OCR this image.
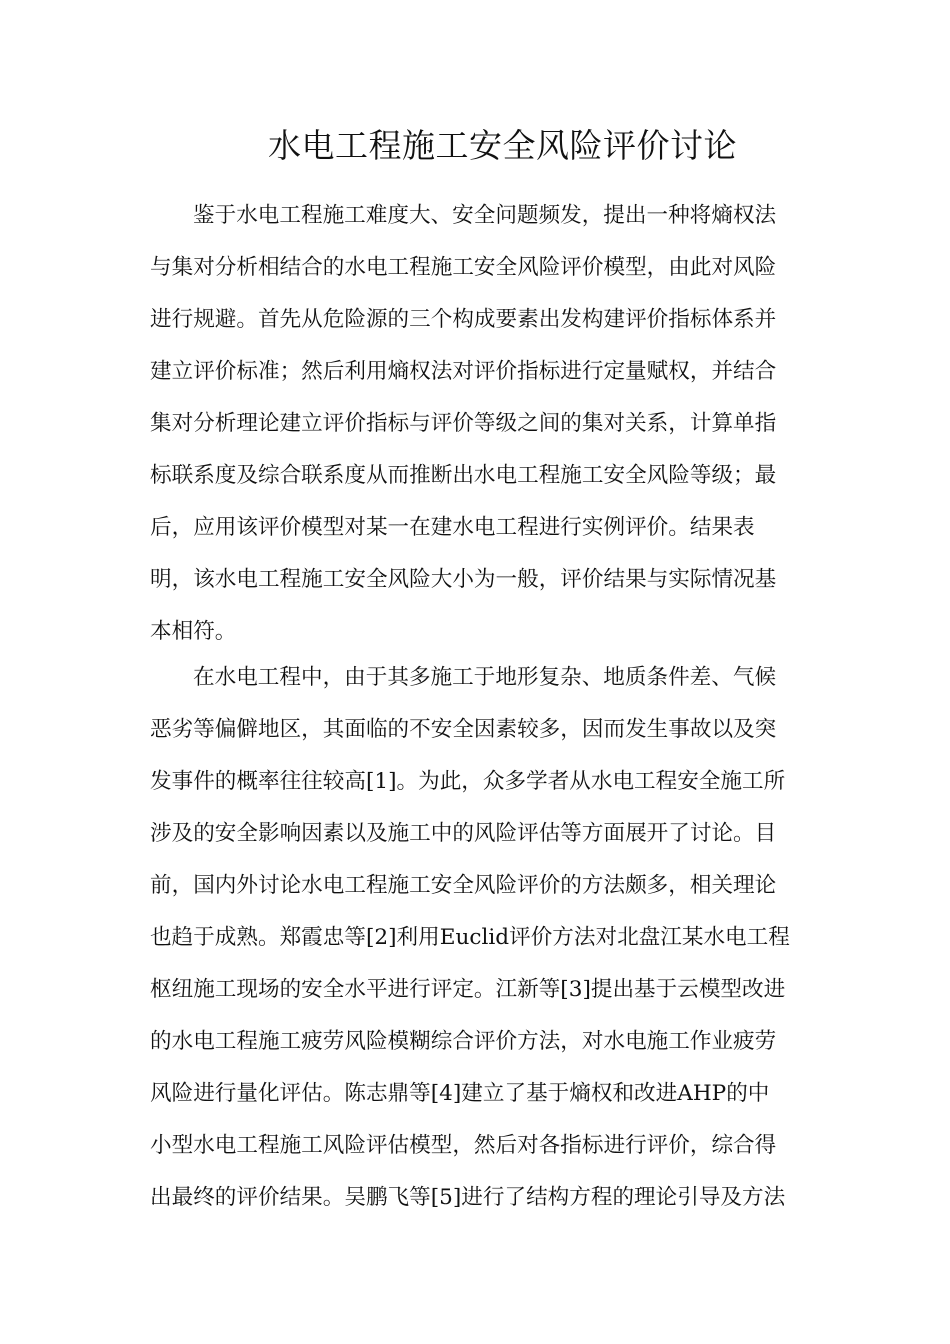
水电工程施工安全风险评价讨论
鉴于水电工程施工难度大、安全问题频发，提出一种将熵权法
与集对分析相结合的水电工程施工安全风险评价模型，由此对风险
进行规避。首先从危险源的三个构成要素出发构建评价指标体系并
建立评价标准；然后利用熵权法对评价指标进行定量赋权，并结合
集对分析理论建立评价指标与评价等级之间的集对关系，计算单指
标联系度及综合联系度从而推断出水电工程施工安全风险等级；最
后，应用该评价模型对某一在建水电工程进行实例评价。结果表
明，该水电工程施工安全风险大小为一般，评价结果与实际情况基
本相符。
在水电工程中，由于其多施工于地形复杂、地质条件差、气候
恶劣等偏僻地区，其面临的不安全因素较多，因而发生事故以及突
发事件的概率往往较高[1]。为此，众多学者从水电工程安全施工所
涉及的安全影响因素以及施工中的风险评估等方面展开了讨论。目
前，国内外讨论水电工程施工安全风险评价的方法颇多，相关理论
也趋于成熟。郑霞忠等[2]利用Euclid评价方法对北盘江某水电工程
枢纽施工现场的安全水平进行评定。江新等[3]提出基于云模型改进
的水电工程施工疲劳风险模糊综合评价方法，对水电施工作业疲劳
风险进行量化评估。陈志鼎等[4]建立了基于熵权和改进AHP的中
小型水电工程施工风险评估模型，然后对各指标进行评价，综合得
出最终的评价结果。吴鹏飞等[5]进行了结构方程的理论引导及方法
